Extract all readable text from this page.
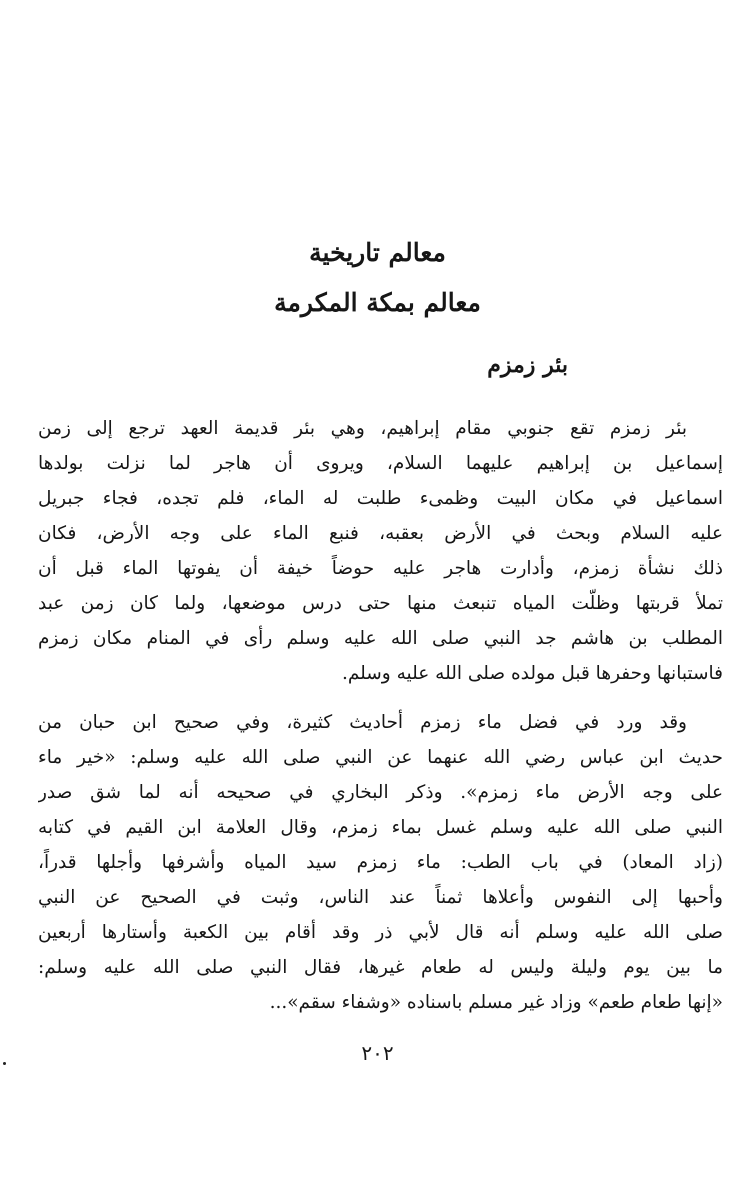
معالم تاريخية
معالم بمكة المكرمة
بئر زمزم
بئر زمزم تقع جنوبي مقام إبراهيم، وهي بئر قديمة العهد ترجع إلى زمن
إسماعيل بن إبراهيم عليهما السلام، ويروى أن هاجر لما نزلت بولدها
اسماعيل في مكان البيت وظمىء طلبت له الماء، فلم تجده، فجاء جبريل
عليه السلام وبحث في الأرض بعقبه، فنبع الماء على وجه الأرض، فكان
ذلك نشأة زمزم، وأدارت هاجر عليه حوضاً خيفة أن يفوتها الماء قبل أن
تملأ قربتها وظلّت المياه تنبعث منها حتى درس موضعها، ولما كان زمن عبد
المطلب بن هاشم جد النبي صلى الله عليه وسلم رأى في المنام مكان زمزم
فاستبانها وحفرها قبل مولده صلى الله عليه وسلم.
وقد ورد في فضل ماء زمزم أحاديث كثيرة، وفي صحيح ابن حبان من
حديث ابن عباس رضي الله عنهما عن النبي صلى الله عليه وسلم: «خير ماء
على وجه الأرض ماء زمزم». وذكر البخاري في صحيحه أنه لما شق صدر
النبي صلى الله عليه وسلم غسل بماء زمزم، وقال العلامة ابن القيم في كتابه
(زاد المعاد) في باب الطب: ماء زمزم سيد المياه وأشرفها وأجلها قدراً،
وأحبها إلى النفوس وأعلاها ثمناً عند الناس، وثبت في الصحيح عن النبي
صلى الله عليه وسلم أنه قال لأبي ذر وقد أقام بين الكعبة وأستارها أربعين
ما بين يوم وليلة وليس له طعام غيرها، فقال النبي صلى الله عليه وسلم:
«إنها طعام طعم» وزاد غير مسلم باسناده «وشفاء سقم»...
٢٠٢
